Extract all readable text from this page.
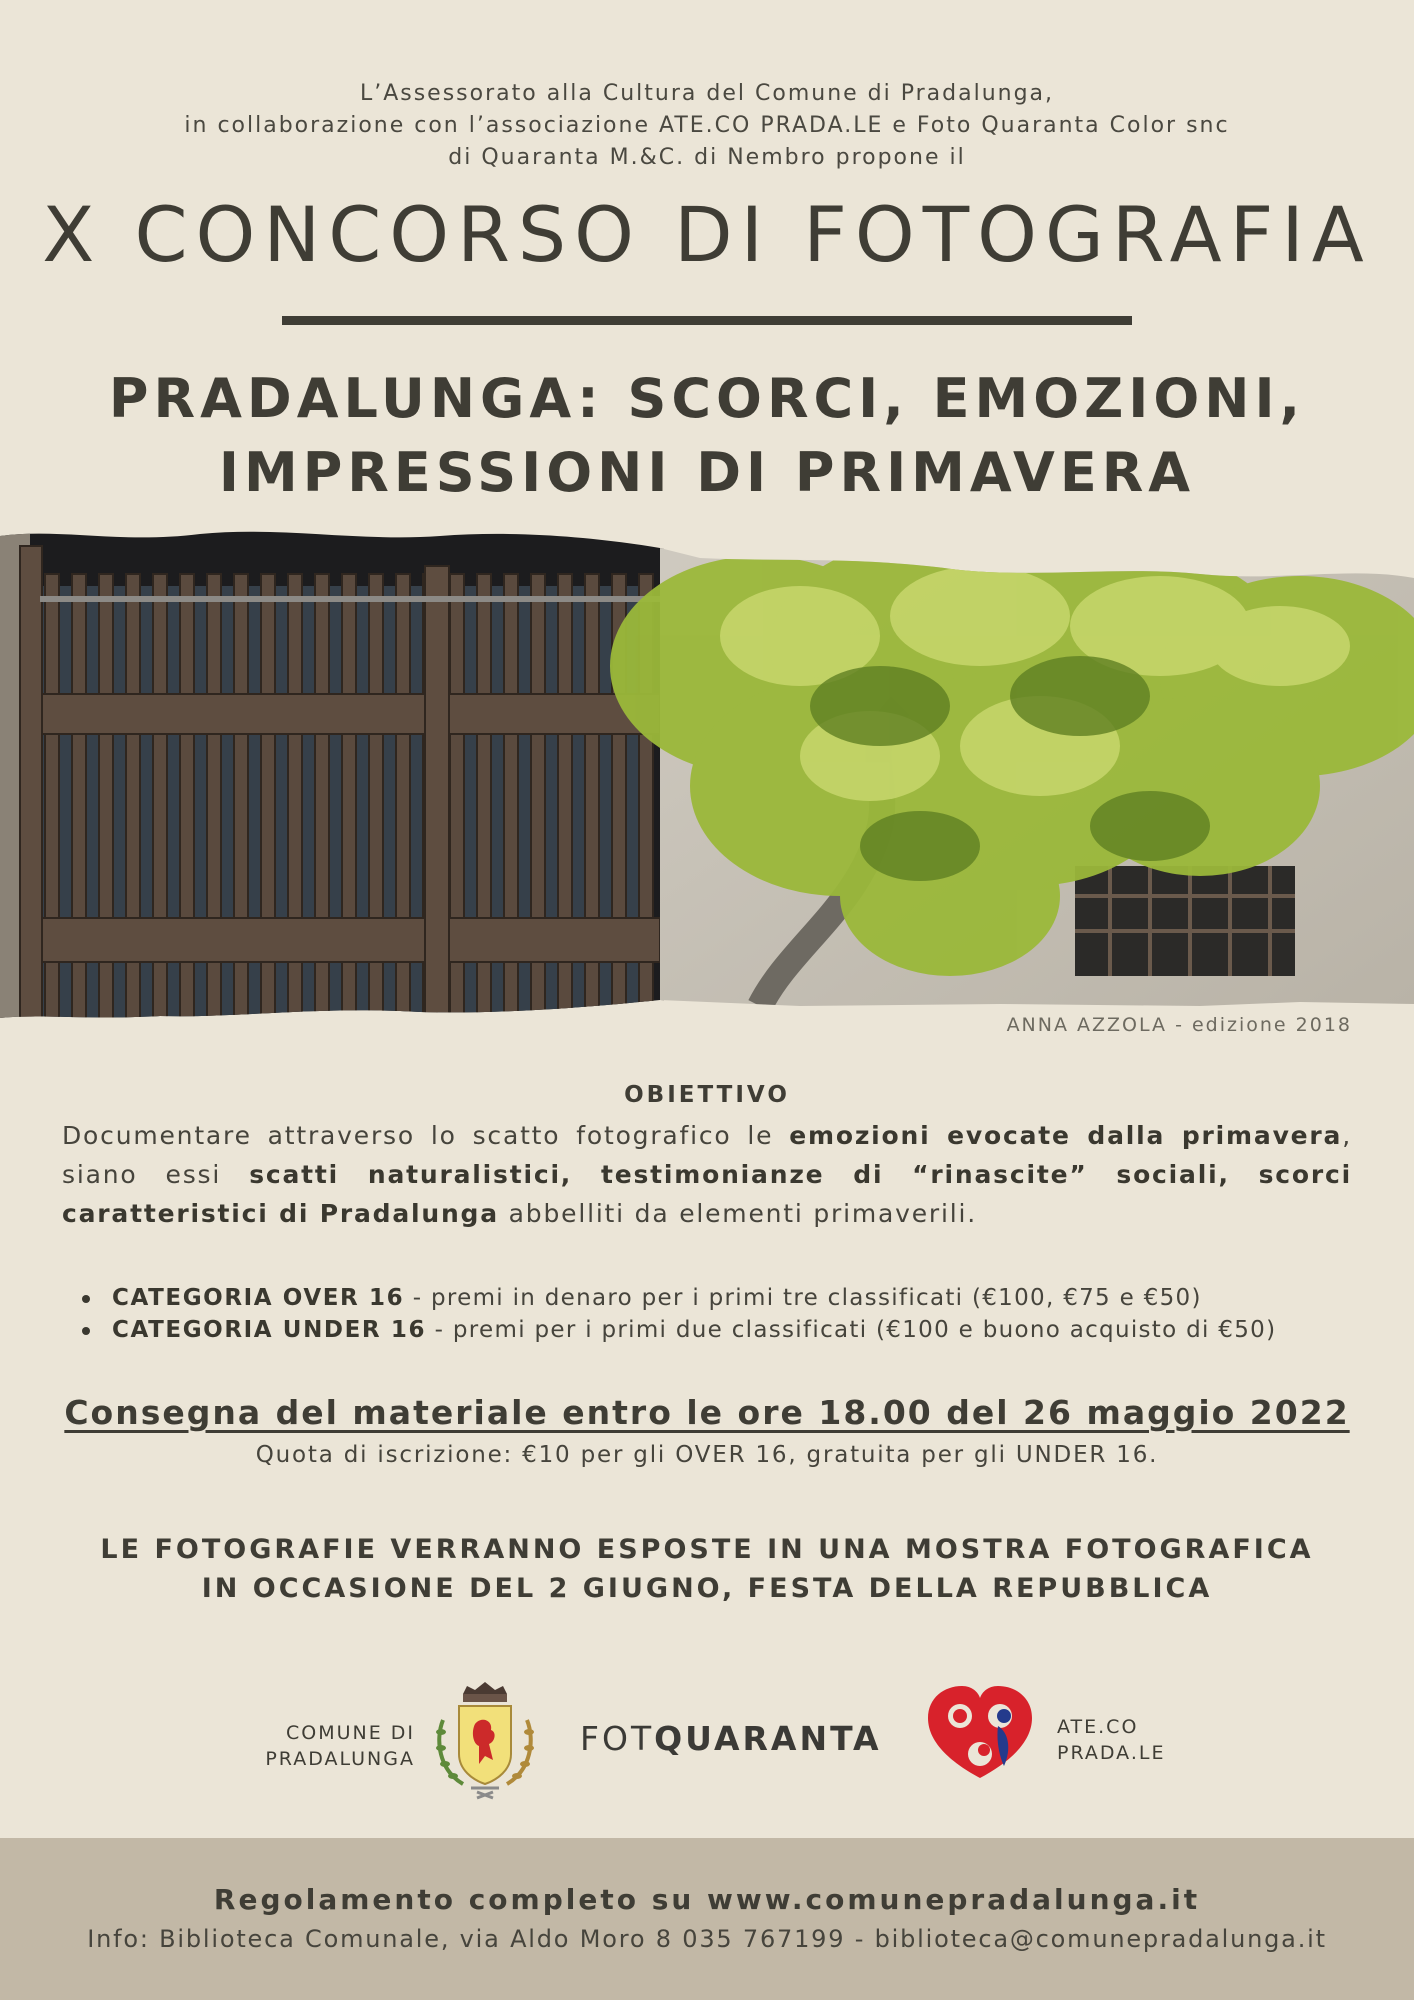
L’Assessorato alla Cultura del Comune di Pradalunga,
in collaborazione con l’associazione ATE.CO PRADA.LE e Foto Quaranta Color snc
di Quaranta M.&C. di Nembro propone il
X CONCORSO DI FOTOGRAFIA
PRADALUNGA: SCORCI, EMOZIONI,
IMPRESSIONI DI PRIMAVERA
ANNA AZZOLA - edizione 2018
OBIETTIVO

Documentare attraverso lo scatto fotografico le emozioni evocate dalla primavera, siano essi scatti naturalistici, testimonianze di “rinascite” sociali, scorci caratteristici di Pradalunga abbelliti da elementi primaverili.

CATEGORIA OVER 16 - premi in denaro per i primi tre classificati (€100, €75 e €50)
CATEGORIA UNDER 16 - premi per i primi due classificati (€100 e buono acquisto di €50)
Consegna del materiale entro le ore 18.00 del 26 maggio 2022
Quota di iscrizione: €10 per gli OVER 16, gratuita per gli UNDER 16.
LE FOTOGRAFIE VERRANNO ESPOSTE IN UNA MOSTRA FOTOGRAFICA
IN OCCASIONE DEL 2 GIUGNO, FESTA DELLA REPUBBLICA
COMUNE DI
PRADALUNGA
FOTQUARANTA	ATE.CO
PRADA.LE
Regolamento completo su www.comunepradalunga.it
Info: Biblioteca Comunale, via Aldo Moro 8 035 767199 - biblioteca@comunepradalunga.it
